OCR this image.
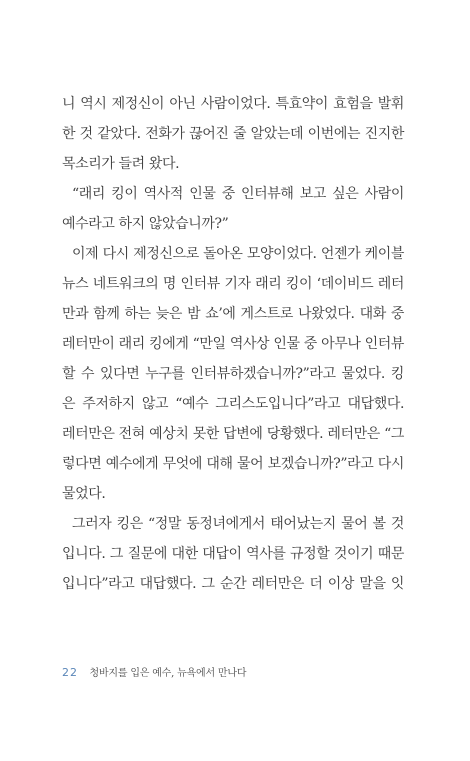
니 역시 제정신이 아닌 사람이었다. 특효약이 효험을 발휘
한 것 같았다. 전화가 끊어진 줄 알았는데 이번에는 진지한
목소리가 들려 왔다.
“래리 킹이 역사적 인물 중 인터뷰해 보고 싶은 사람이
예수라고 하지 않았습니까?”
이제 다시 제정신으로 돌아온 모양이었다. 언젠가 케이블
뉴스 네트워크의 명 인터뷰 기자 래리 킹이 ‘데이비드 레터
만과 함께 하는 늦은 밤 쇼’에 게스트로 나왔었다. 대화 중
레터만이 래리 킹에게 “만일 역사상 인물 중 아무나 인터뷰
할 수 있다면 누구를 인터뷰하겠습니까?”라고 물었다. 킹
은 주저하지 않고 “예수 그리스도입니다”라고 대답했다.
레터만은 전혀 예상치 못한 답변에 당황했다. 레터만은 “그
렇다면 예수에게 무엇에 대해 물어 보겠습니까?”라고 다시
물었다.
그러자 킹은 “정말 동정녀에게서 태어났는지 물어 볼 것
입니다. 그 질문에 대한 대답이 역사를 규정할 것이기 때문
입니다”라고 대답했다. 그 순간 레터만은 더 이상 말을 잇
22 청바지를 입은 예수, 뉴욕에서 만나다
